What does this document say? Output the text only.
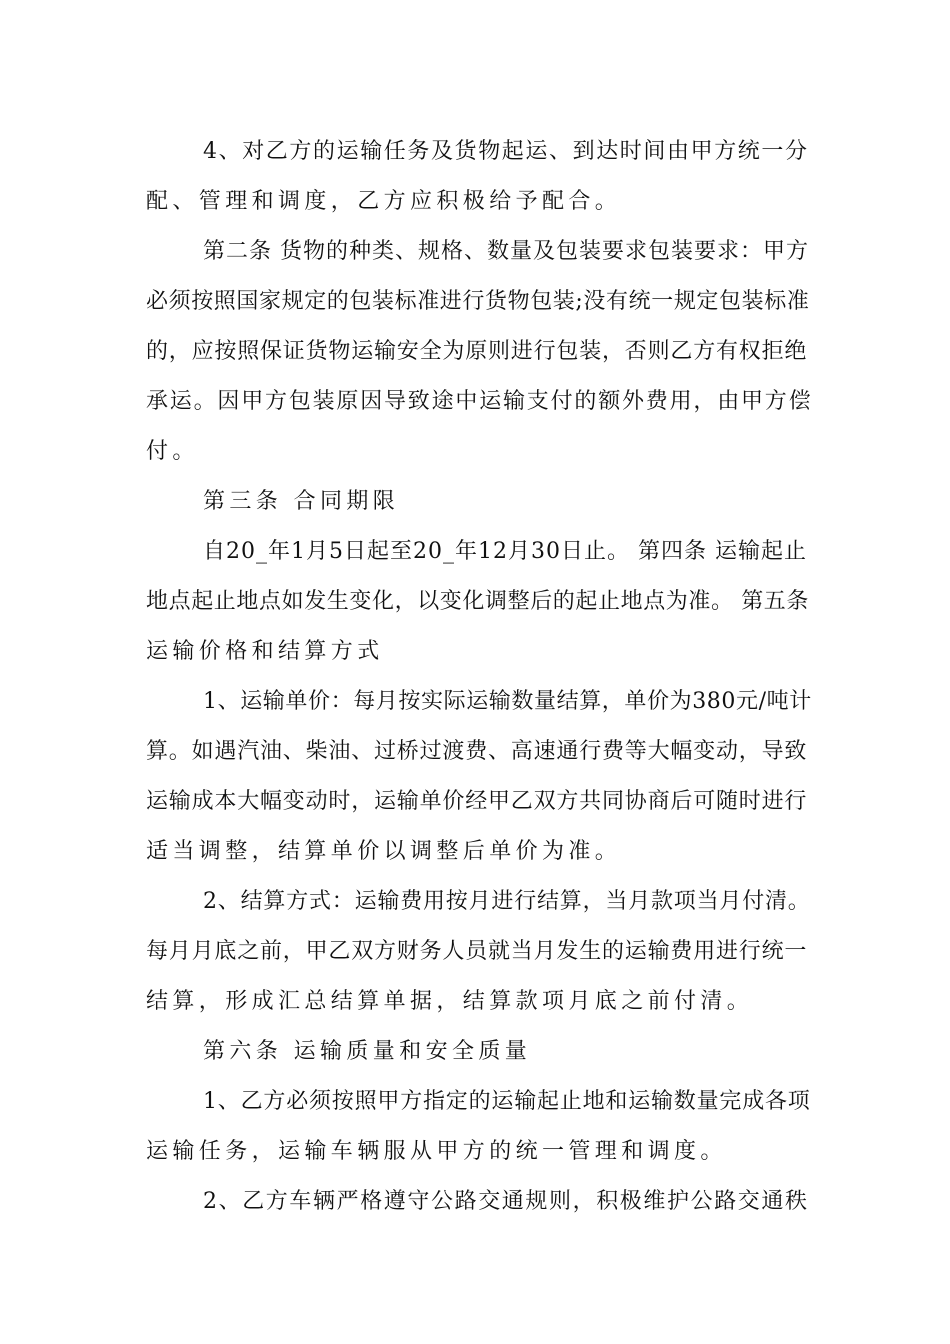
4、对乙方的运输任务及货物起运、到达时间由甲方统一分
配、管理和调度，乙方应积极给予配合。
第二条 货物的种类、规格、数量及包装要求包装要求：甲方
必须按照国家规定的包装标准进行货物包装;没有统一规定包装标准
的，应按照保证货物运输安全为原则进行包装，否则乙方有权拒绝
承运。因甲方包装原因导致途中运输支付的额外费用，由甲方偿
付。
第三条 合同期限
自20_年1月5日起至20_年12月30日止。 第四条 运输起止
地点起止地点如发生变化，以变化调整后的起止地点为准。 第五条
运输价格和结算方式
1、运输单价：每月按实际运输数量结算，单价为380元/吨计
算。如遇汽油、柴油、过桥过渡费、高速通行费等大幅变动，导致
运输成本大幅变动时，运输单价经甲乙双方共同协商后可随时进行
适当调整，结算单价以调整后单价为准。
2、结算方式：运输费用按月进行结算，当月款项当月付清。
每月月底之前，甲乙双方财务人员就当月发生的运输费用进行统一
结算，形成汇总结算单据，结算款项月底之前付清。
第六条 运输质量和安全质量
1、乙方必须按照甲方指定的运输起止地和运输数量完成各项
运输任务，运输车辆服从甲方的统一管理和调度。
2、乙方车辆严格遵守公路交通规则，积极维护公路交通秩
